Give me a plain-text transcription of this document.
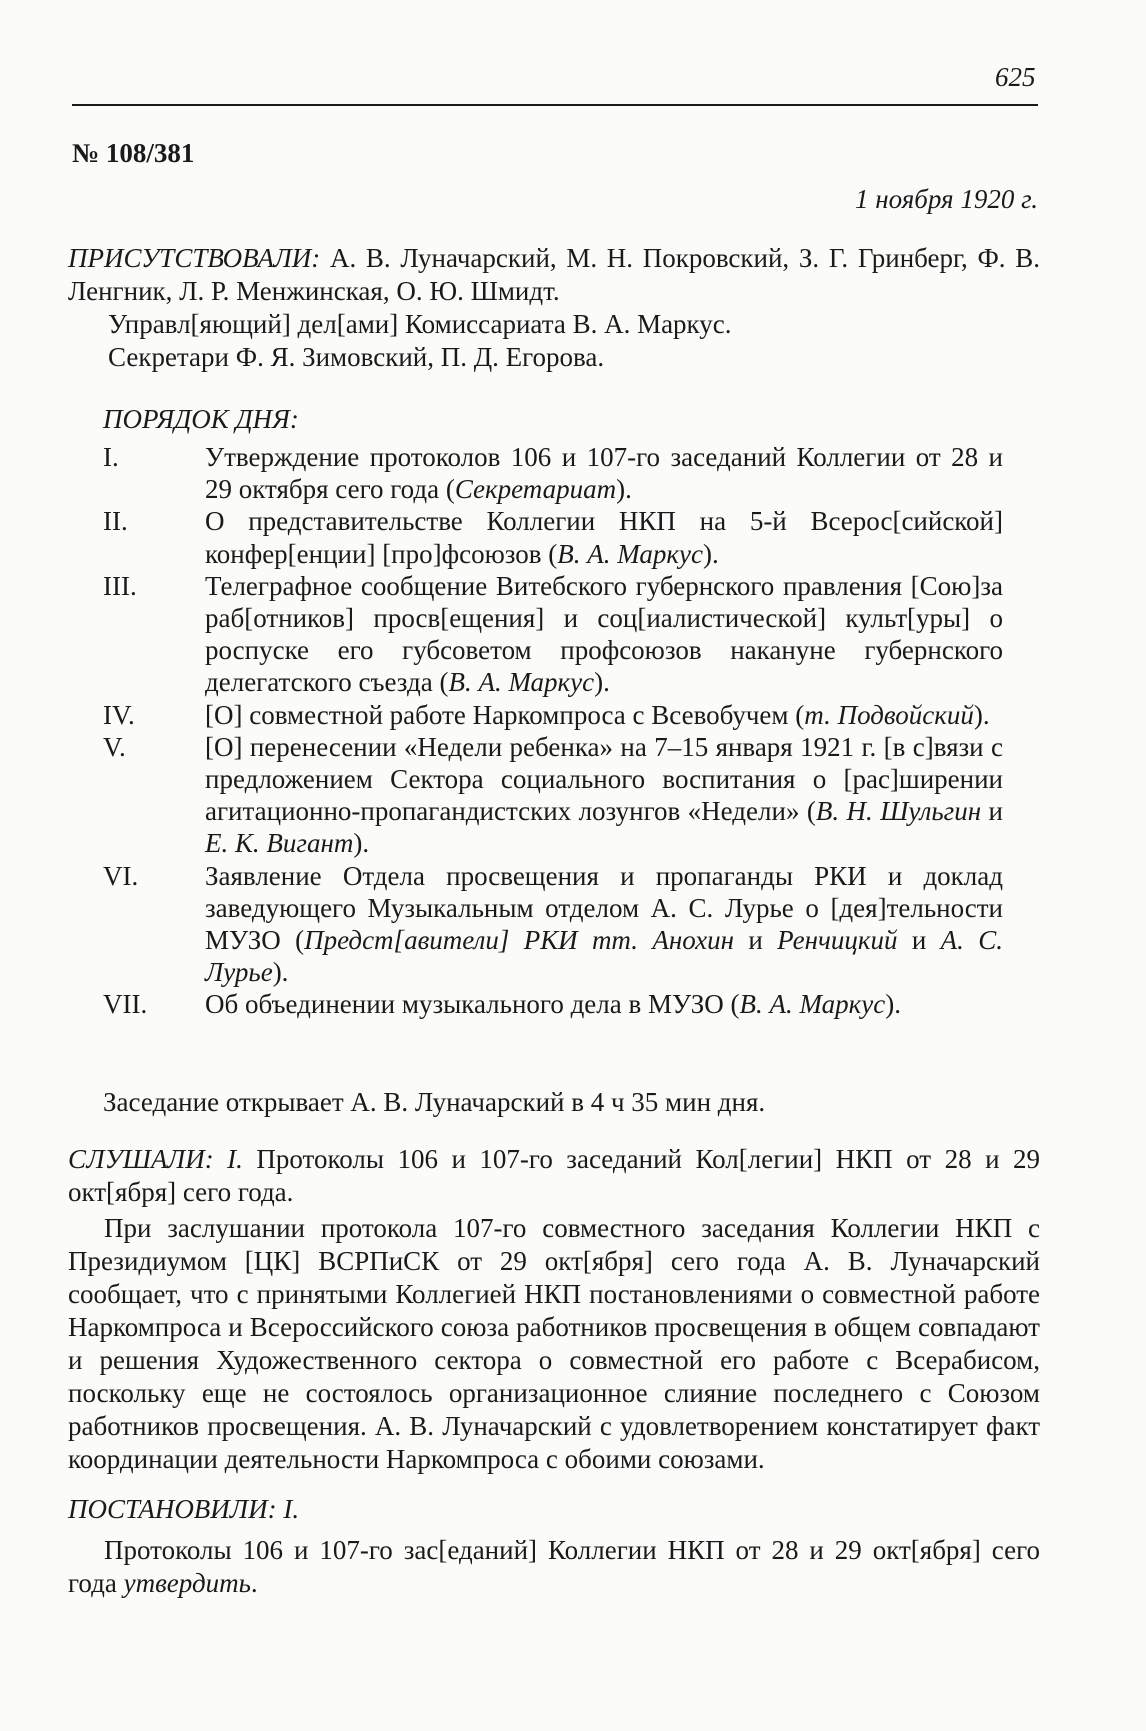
625
№ 108/381
1 ноября 1920 г.
ПРИСУТСТВОВАЛИ: А. В. Луначарский, М. Н. Покровский, З. Г. Гринберг, Ф. В. Ленгник, Л. Р. Менжинская, О. Ю. Шмидт.
Управл[яющий] дел[ами] Комиссариата В. А. Маркус.
Секретари Ф. Я. Зимовский, П. Д. Егорова.
ПОРЯДОК ДНЯ:
I.	Утверждение протоколов 106 и 107-го заседаний Коллегии от 28 и 29 октября сего года (Секретариат).
II.	О представительстве Коллегии НКП на 5-й Всерос[сийской] конфер[енции] [про]фсоюзов (В. А. Маркус).
III.	Телеграфное сообщение Витебского губернского правления [Сою]за раб[отников] просв[ещения] и соц[иалистической] культ[уры] о роспуске его губсоветом профсоюзов накануне губернского делегатского съезда (В. А. Маркус).
IV.	[О] совместной работе Наркомпроса с Всевобучем (т. Подвойский).
V.	[О] перенесении «Недели ребенка» на 7–15 января 1921 г. [в с]вязи с предложением Сектора социального воспитания о [рас]ширении агитационно-пропагандистских лозунгов «Недели» (В. Н. Шульгин и Е. К. Вигант).
VI.	Заявление Отдела просвещения и пропаганды РКИ и доклад заведующего Музыкальным отделом А. С. Лурье о [дея]тельности МУЗО (Предст[авители] РКИ тт. Анохин и Ренчицкий и А. С. Лурье).
VII.	Об объединении музыкального дела в МУЗО (В. А. Маркус).
Заседание открывает А. В. Луначарский в 4 ч 35 мин дня.
СЛУШАЛИ: I. Протоколы 106 и 107-го заседаний Кол[легии] НКП от 28 и 29 окт[ября] сего года.
При заслушании протокола 107-го совместного заседания Коллегии НКП с Президиумом [ЦК] ВСРПиСК от 29 окт[ября] сего года А. В. Луначарский сообщает, что с принятыми Коллегией НКП постановлениями о совместной работе Наркомпроса и Всероссийского союза работников просвещения в общем совпадают и решения Художественного сектора о совместной его работе с Всерабисом, поскольку еще не состоялось организационное слияние последнего с Союзом работников просвещения. А. В. Луначарский с удовлетворением констатирует факт координации деятельности Наркомпроса с обоими союзами.
ПОСТАНОВИЛИ: I.
Протоколы 106 и 107-го зас[еданий] Коллегии НКП от 28 и 29 окт[ября] сего года утвердить.
